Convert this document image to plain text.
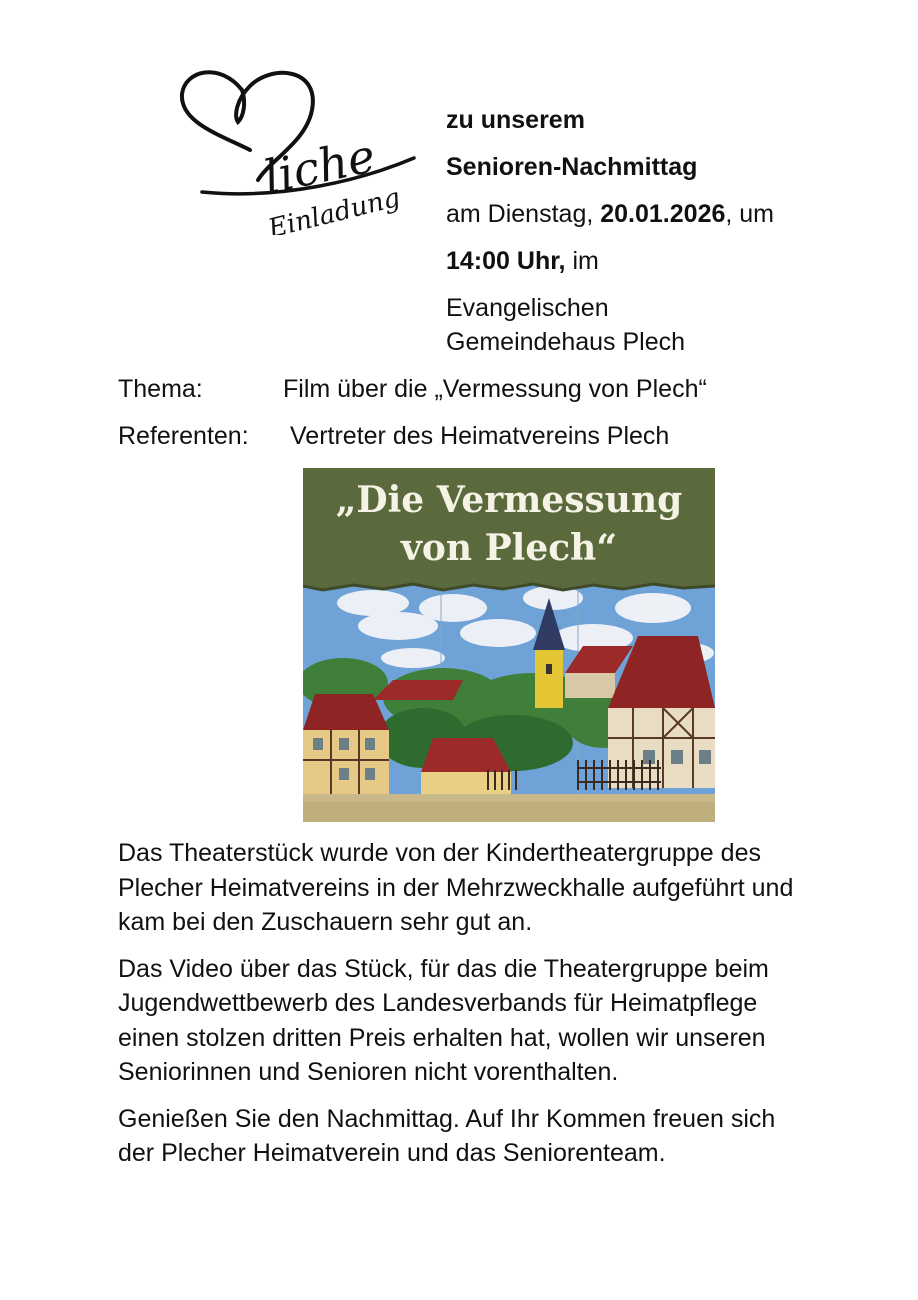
liche
Einladung

zu unserem

Senioren-Nachmittag

am Dienstag, 20.01.2026, um

14:00 Uhr, im

Evangelischen
Gemeindehaus Plech

Thema:	Film über die „Vermessung von Plech“
Referenten: Vertreter des Heimatvereins Plech
„Die Vermessung
von Plech“

Das Theaterstück wurde von der Kindertheatergruppe des Plecher Heimatvereins in der Mehrzweckhalle aufgeführt und kam bei den Zuschauern sehr gut an.

Das Video über das Stück, für das die Theatergruppe beim Jugendwettbewerb des Landesverbands für Heimatpflege einen stolzen dritten Preis erhalten hat, wollen wir unseren Seniorinnen und Senioren nicht vorenthalten.

Genießen Sie den Nachmittag. Auf Ihr Kommen freuen sich der Plecher Heimatverein und das Seniorenteam.
